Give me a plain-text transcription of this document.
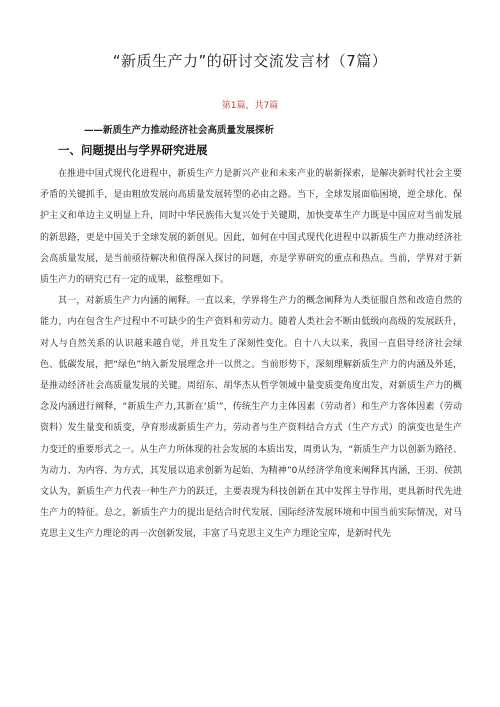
“新质生产力”的研讨交流发言材（7篇）
第1篇，共7篇
——新质生产力推动经济社会高质量发展探析
一、问题提出与学界研究进展

在推进中国式现代化进程中，新质生产力是新兴产业和未来产业的崭新探索，是解决新时代社会主要矛盾的关键抓手，是由粗放发展向高质量发展转型的必由之路。当下，全球发展面临困境，逆全球化、保护主义和单边主义明显上升，同时中华民族伟大复兴处于关键期，加快变革生产力既是中国应对当前发展的新思路，更是中国关于全球发展的新创见。因此，如何在中国式现代化进程中以新质生产力推动经济社会高质量发展，是当前亟待解决和值得深入探讨的问题，亦是学界研究的重点和热点。当前，学界对于新质生产力的研究已有一定的成果，兹整理如下。

其一，对新质生产力内涵的阐释。一直以来，学界将生产力的概念阐释为人类征服自然和改造自然的能力，内在包含生产过程中不可缺少的生产资料和劳动力。随着人类社会不断由低级向高级的发展跃升，对人与自然关系的认识越来越自觉，并且发生了深刻性变化。自十八大以来，我国一直倡导经济社会绿色、低碳发展，把“绿色”纳入新发展理念并一以贯之。当前形势下，深刻理解新质生产力的内涵及外延，是推动经济社会高质量发展的关键。周绍东、胡华杰从哲学领域中量变质变角度出发，对新质生产力的概念及内涵进行阐释，“新质生产力,其新在‘质’”，传统生产力主体因素（劳动者）和生产力客体因素（劳动资料）发生量变和质变，孕育形成新质生产力，劳动者与生产资料结合方式（生产方式）的演变也是生产力变迁的重要形式之一。从生产力所体现的社会发展的本质出发，周勇认为，“新质生产力以创新为路径、为动力、为内容、为方式，其发展以追求创新为起始、为精神”0从经济学角度来阐释其内涵，王羽、侯凯文认为，新质生产力代表一种生产力的跃迁，主要表现为科技创新在其中发挥主导作用，更具新时代先进生产力的特征。总之，新质生产力的提出是结合时代发展、国际经济发展环境和中国当前实际情况，对马克思主义生产力理论的再一次创新发展，丰富了马克思主义生产力理论宝库，是新时代先
